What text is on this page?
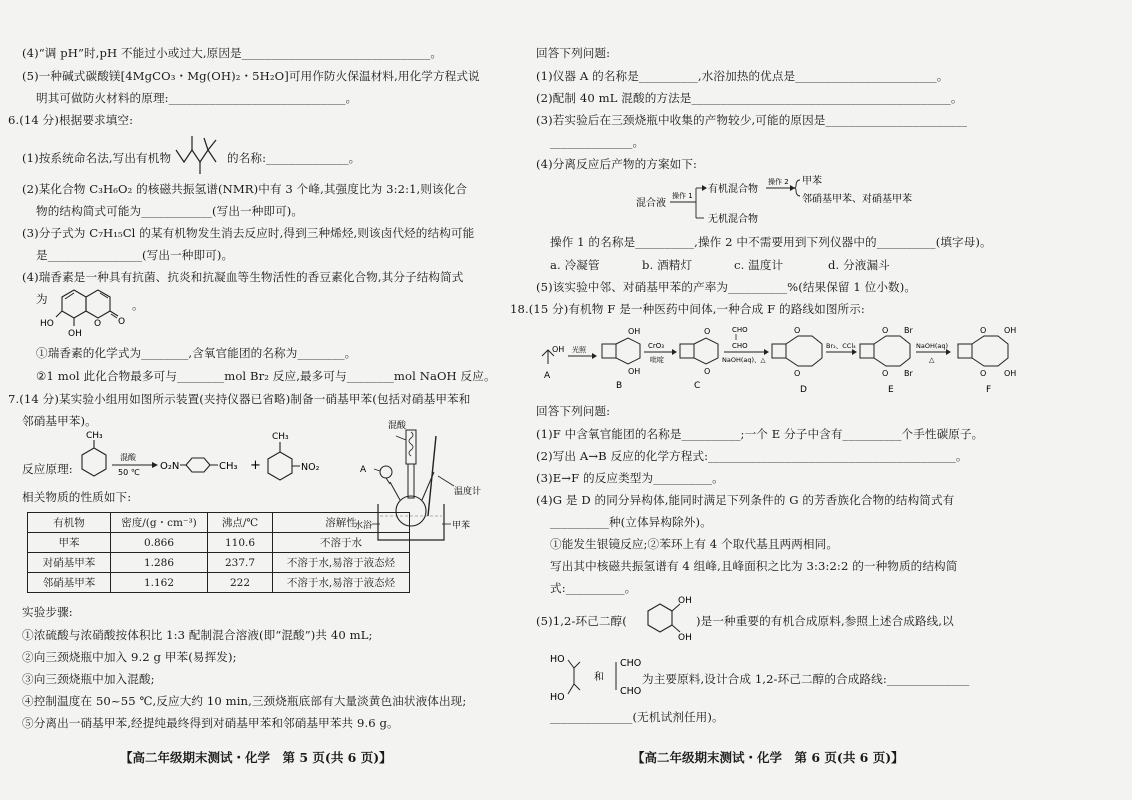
(4)“调 pH”时,pH 不能过小或过大,原因是________________________________。
(5)一种碱式碳酸镁[4MgCO₃・Mg(OH)₂・5H₂O]可用作防火保温材料,用化学方程式说
明其可做防火材料的原理:______________________________。
6.(14 分)根据要求填空:
(1)按系统命名法,写出有机物	的名称:______________。
(2)某化合物 C₃H₆O₂ 的核磁共振氢谱(NMR)中有 3 个峰,其强度比为 3:2:1,则该化合
物的结构简式可能为____________(写出一种即可)。
(3)分子式为 C₇H₁₅Cl 的某有机物发生消去反应时,得到三种烯烃,则该卤代烃的结构可能
是________________(写出一种即可)。
(4)瑞香素是一种具有抗菌、抗炎和抗凝血等生物活性的香豆素化合物,其分子结构简式
为
HO
OH
O O
。
①瑞香素的化学式为________,含氧官能团的名称为________。
②1 mol 此化合物最多可与________mol Br₂ 反应,最多可与________mol NaOH 反应。
7.(14 分)某实验小组用如图所示装置(夹持仪器已省略)制备一硝基甲苯(包括对硝基甲苯和
邻硝基甲苯)。
反应原理:
CH₃
混酸
50 ℃
O₂N	CH₃ +
CH₃
NO₂
相关物质的性质如下:
有机物	密度/(g・cm⁻³)	沸点/℃	溶解性
甲苯	0.866	110.6	不溶于水
对硝基甲苯	1.286	237.7	不溶于水,易溶于液态烃
邻硝基甲苯	1.162	222	不溶于水,易溶于液态烃
A
混酸
温度计
水浴	甲苯
实验步骤:
①浓硫酸与浓硝酸按体积比 1:3 配制混合溶液(即“混酸”)共 40 mL;
②向三颈烧瓶中加入 9.2 g 甲苯(易挥发);
③向三颈烧瓶中加入混酸;
④控制温度在 50~55 ℃,反应大约 10 min,三颈烧瓶底部有大量淡黄色油状液体出现;
⑤分离出一硝基甲苯,经提纯最终得到对硝基甲苯和邻硝基甲苯共 9.6 g。
【高二年级期末测试・化学　第 5 页(共 6 页)】
回答下列问题:
(1)仪器 A 的名称是__________,水浴加热的优点是________________________。
(2)配制 40 mL 混酸的方法是____________________________________________。
(3)若实验后在三颈烧瓶中收集的产物较少,可能的原因是________________________
______________。
(4)分离反应后产物的方案如下:
混合液
操作 1
有机混合物
无机混合物
操作 2 甲苯
邻硝基甲苯、对硝基甲苯
操作 1 的名称是__________,操作 2 中不需要用到下列仪器中的__________(填字母)。
a. 冷凝管	b. 酒精灯	c. 温度计	d. 分液漏斗
(5)该实验中邻、对硝基甲苯的产率为__________%(结果保留 1 位小数)。
18.(15 分)有机物 F 是一种医药中间体,一种合成 F 的路线如图所示:
OH
A
光照
OH
OH
B
CrO₃
吡啶
O
O
C
CHO
CHO
NaOH(aq)、△
O
O
D
Br₂、CCl₄
O
O
Br
Br
E
NaOH(aq)
△
O
O
OH
OH
F
回答下列问题:
(1)F 中含氧官能团的名称是__________;一个 E 分子中含有__________个手性碳原子。
(2)写出 A→B 反应的化学方程式:__________________________________________。
(3)E→F 的反应类型为__________。
(4)G 是 D 的同分异构体,能同时满足下列条件的 G 的芳香族化合物的结构简式有
__________种(立体异构除外)。
①能发生银镜反应;②苯环上有 4 个取代基且两两相同。
写出其中核磁共振氢谱有 4 组峰,且峰面积之比为 3:3:2:2 的一种物质的结构简
式:__________。
(5)1,2-环己二醇(
OH
OH
)是一种重要的有机合成原料,参照上述合成路线,以
HO
HO
和
CHO
CHO
为主要原料,设计合成 1,2-环己二醇的合成路线:______________
______________(无机试剂任用)。
【高二年级期末测试・化学　第 6 页(共 6 页)】
